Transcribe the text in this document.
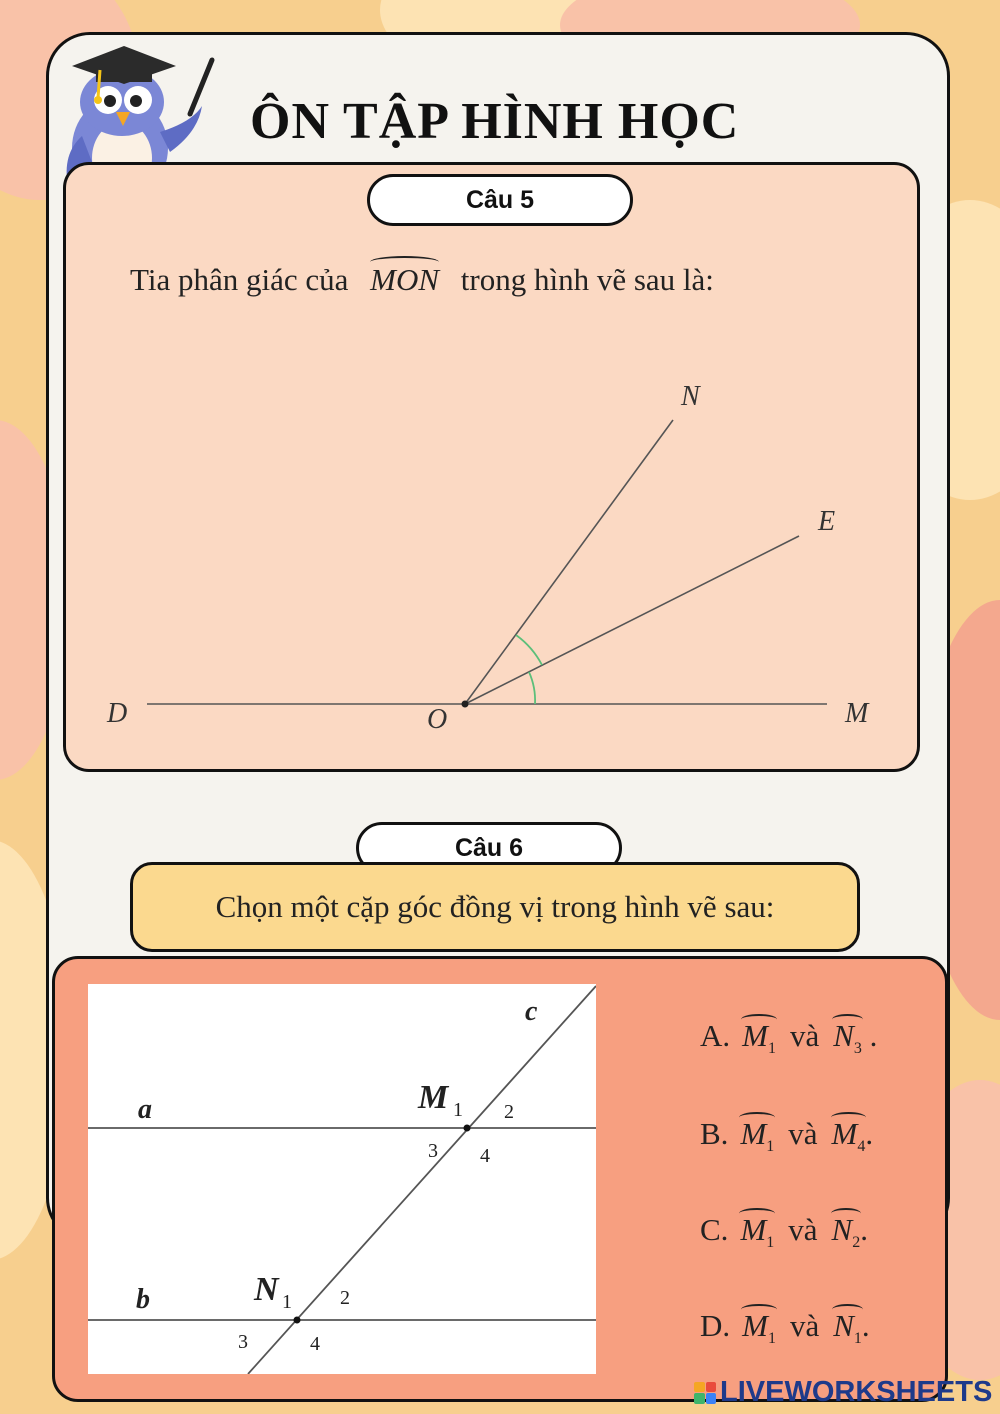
ÔN TẬP HÌNH HỌC
Câu 5
Tia phân giác của MON trong hình vẽ sau là:
N
E
D	O	M
Câu 6
Chọn một cặp góc đồng vị trong hình vẽ sau:
c
a
b
M 1 2
3 4
N 1 2
3	4
A. $M_1$ và $N_3$ .
B. $M_1$ và $M_4$ .
C. $M_1$ và $N_2$ .
D. $M_1$ và $N_1$ .
LIVEWORKSHEETS
